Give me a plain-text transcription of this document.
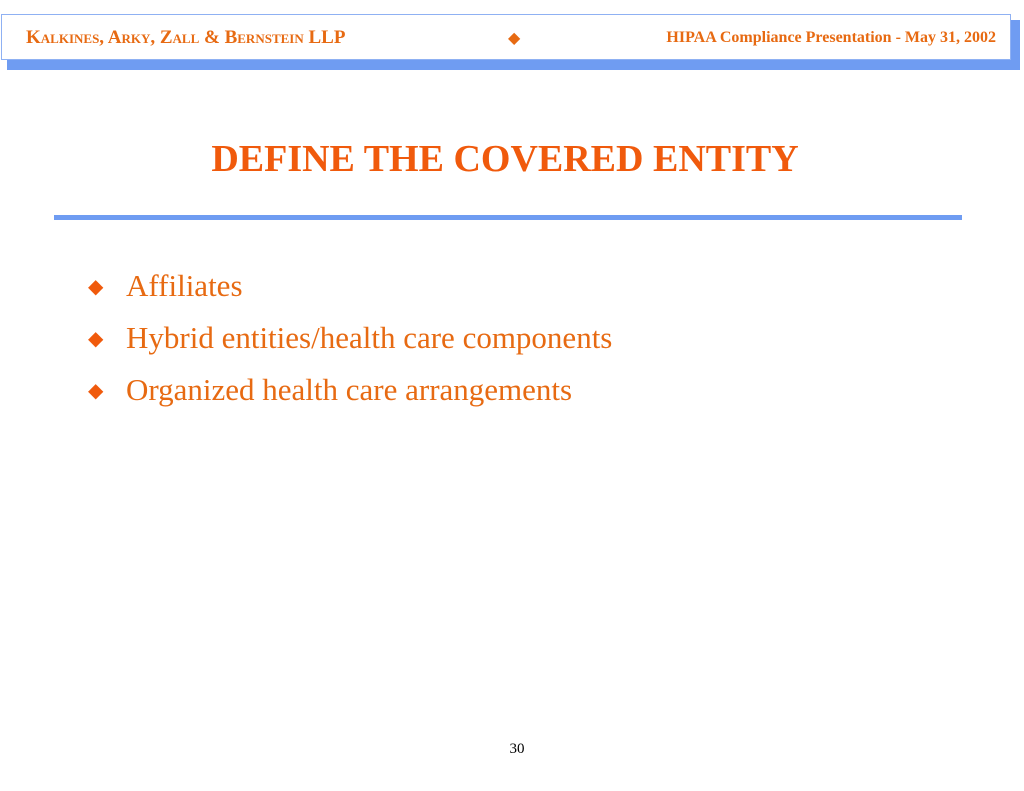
Kalkines, Arky, Zall & Bernstein LLP	◆	HIPAA Compliance Presentation - May 31, 2002
DEFINE THE COVERED ENTITY
◆ Affiliates
◆ Hybrid entities/health care components
◆ Organized health care arrangements
30
